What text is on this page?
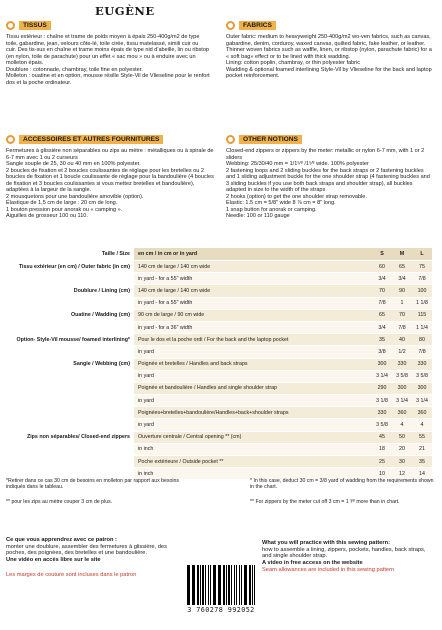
EUGÈNE
TISSUS

Tissu extérieur : chaîne et trame de poids moyen à épais 250-400g/m2 de type toile, gabardine, jean, velours côte-lé, toile cirée, tissu matelassé, simili cuir ou cuir. Des tis-sus en chaîne et trame moins épais de type nid d'abeille, lin ou ribstop (en nylon, toile de parachute) pour un effet « sac mou » ou à enduire avec un molleton épais.

Doublure : cotonnade, chambray, toile fine en polyester.

Molleton : ouatine et en option, mousse résille Style-Vil de Vlieseline pour le renfort dos et la poche ordinateur.

FABRICS

Outer fabric: medium to heavyweight 250-400g/m2 wo-ven fabrics, such as canvas, gabardine, denim, corduroy, waxed canvas, quilted fabric, fake leather, or leather. Thinner woven fabrics such as waffle, linen, or ribstop (nylon, parachute fabric) for a « soft bag» effect or to be lined with thick wadding.

Lining: cotton poplin, chambray, or thin polyester fabric

Wadding & optional foamed interlining Style-Vil by Vlieseline for the back and laptop pocket reinforcement.

ACCESSOIRES ET AUTRES FOURNITURES

Fermetures à glissière non séparables ou zips au mètre : métalliques ou à spirale de 6-7 mm avec 1 ou 2 curseurs

Sangle souple de 25, 30 ou 40 mm en 100% polyester.

2 boucles de fixation et 2 boucles coulissantes de réglage pour les bretelles ou 2 boucles de fixation et 1 boucle coulissante de réglage pour la bandoulière (4 boucles de fixation et 3 boucles coulissantes si vous mettez bretelles et bandoulière), adaptées à la largeur de la sangle.

2 mousquetons pour une bandoulière amovible (option).

Élastique de 1,5 cm de large : 20 cm de long.

1 bouton pression pour anorak ou « camping ».

Aiguilles de grosseur 100 ou 110.

OTHER NOTIONS

Closed-end zippers or zippers by the meter: metallic or nylon 6-7 mm, with 1 or 2 sliders

Webbing: 25/30/40 mm = 1/1⁵⁄⁸ /1⁵⁄⁸ wide. 100% polyester

2 fastening loops and 2 sliding buckles for the back straps or 2 fastening buckles and 1 sliding adjustment buckle for the one shoulder strap (4 fastening buckles and 3 sliding buckles if you use both back straps and shoulder strap), all buckles adapted in size to the width of the straps

2 hooks (option) to get the one shoulder strap removable.

Elastic: 1.5 cm = 5/8" wide 8 ⅞ cm = 8" long.

1 snap button for anorak or camping.

Needle: 100 or 110 gauge

Taille / Size	en cm / in cm or in yard	S	M	L
Tissu extérieur (en cm) / Outer fabric (in cm)	140 cm de large / 140 cm wide	60	65	75
in yard - for a 55" width	3/4	3/4	7/8
Doublure / Lining (cm)	140 cm de large / 140 cm wide	70	90	100
in yard - for a 55" width	7/8	1	1 1/8
Ouatine / Wadding (cm)	90 cm de large / 90 cm wide	65	70	115
in yard - for a 36" width	3/4	7/8	1 1/4
Option- Style-Vil mousse/ foamed interlining*	Pour le dos et la poche ordi / For the back and the laptop pocket	35	40	80
in yard	3/8	1/2	7/8
Sangle / Webbing (cm)	Poignée et bretelles / Handles and back straps	300	330	330
in yard	3 1/4	3 5/8	3 5/8
Poignée et bandoulière / Handles and single shoulder strap	290	300	300
in yard	3 1/8	3 1/4	3 1/4
Poignées+bretelles+bandoulière/Handles+back+shoulder straps	330	360	360
in yard	3 5/8	4	4
Zips non séparables/ Closed-end zippers	Ouverture centrale / Central opening ** (cm)	45	50	55
in inch	18	20	21
Poche extérieure / Outside pocket **	25	30	35
in inch	10	12	14
*Retirer dans ce cas 30 cm de besoins en molleton par rapport aux besoins indiqués dans le tableau.
** pour les zips au mètre couper 3 cm de plus.
* In this case, deduct 30 cm = 3/8 yard of wadding from the requirements shown in the chart.
** For zippers by the meter cut off 3 cm = 1 ³⁄⁸ more than in chart.
Ce que vous apprendrez avec ce patron :
monter une doublure, assembler des fermetures à glissière, des poches, des poignées, des bretelles et une bandoulière.
Une vidéo en accès libre sur le site
Les marges de couture sont incluses dans le patron
3 760278 992052
What you will practice with this sewing pattern:
how to assemble a lining, zippers, pockets, handles, back straps, and single shoulder strap.
A video in free access on the website
Seam allowances are included in this sewing pattern
